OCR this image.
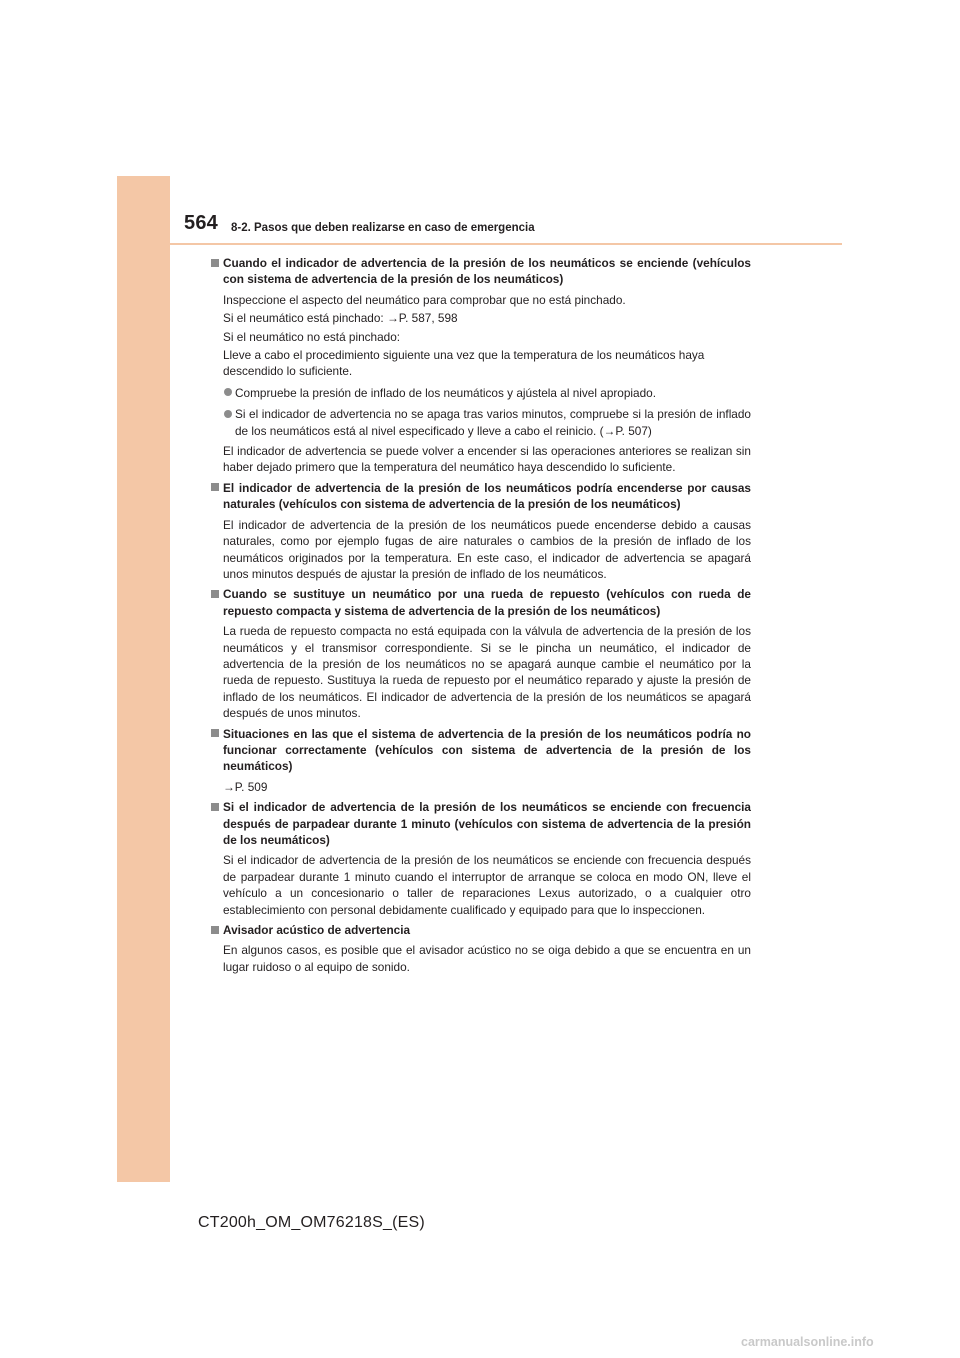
564 8-2. Pasos que deben realizarse en caso de emergencia
Cuando el indicador de advertencia de la presión de los neumáticos se enciende (vehículos con sistema de advertencia de la presión de los neumáticos)
Inspeccione el aspecto del neumático para comprobar que no está pinchado.
Si el neumático está pinchado: →P. 587, 598
Si el neumático no está pinchado:
Lleve a cabo el procedimiento siguiente una vez que la temperatura de los neumáticos haya descendido lo suficiente.
Compruebe la presión de inflado de los neumáticos y ajústela al nivel apropiado.
Si el indicador de advertencia no se apaga tras varios minutos, compruebe si la presión de inflado de los neumáticos está al nivel especificado y lleve a cabo el reinicio. (→P. 507)
El indicador de advertencia se puede volver a encender si las operaciones anteriores se realizan sin haber dejado primero que la temperatura del neumático haya descendido lo suficiente.
El indicador de advertencia de la presión de los neumáticos podría encenderse por causas naturales (vehículos con sistema de advertencia de la presión de los neumáticos)
El indicador de advertencia de la presión de los neumáticos puede encenderse debido a causas naturales, como por ejemplo fugas de aire naturales o cambios de la presión de inflado de los neumáticos originados por la temperatura. En este caso, el indicador de advertencia se apagará unos minutos después de ajustar la presión de inflado de los neumáticos.
Cuando se sustituye un neumático por una rueda de repuesto (vehículos con rueda de repuesto compacta y sistema de advertencia de la presión de los neumáticos)
La rueda de repuesto compacta no está equipada con la válvula de advertencia de la presión de los neumáticos y el transmisor correspondiente. Si se le pincha un neumático, el indicador de advertencia de la presión de los neumáticos no se apagará aunque cambie el neumático por la rueda de repuesto. Sustituya la rueda de repuesto por el neumático reparado y ajuste la presión de inflado de los neumáticos. El indicador de advertencia de la presión de los neumáticos se apagará después de unos minutos.
Situaciones en las que el sistema de advertencia de la presión de los neumáticos podría no funcionar correctamente (vehículos con sistema de advertencia de la presión de los neumáticos)
→P. 509
Si el indicador de advertencia de la presión de los neumáticos se enciende con frecuencia después de parpadear durante 1 minuto (vehículos con sistema de advertencia de la presión de los neumáticos)
Si el indicador de advertencia de la presión de los neumáticos se enciende con frecuencia después de parpadear durante 1 minuto cuando el interruptor de arranque se coloca en modo ON, lleve el vehículo a un concesionario o taller de reparaciones Lexus autorizado, o a cualquier otro establecimiento con personal debidamente cualificado y equipado para que lo inspeccionen.
Avisador acústico de advertencia
En algunos casos, es posible que el avisador acústico no se oiga debido a que se encuentra en un lugar ruidoso o al equipo de sonido.
CT200h_OM_OM76218S_(ES)
carmanualsonline.info
